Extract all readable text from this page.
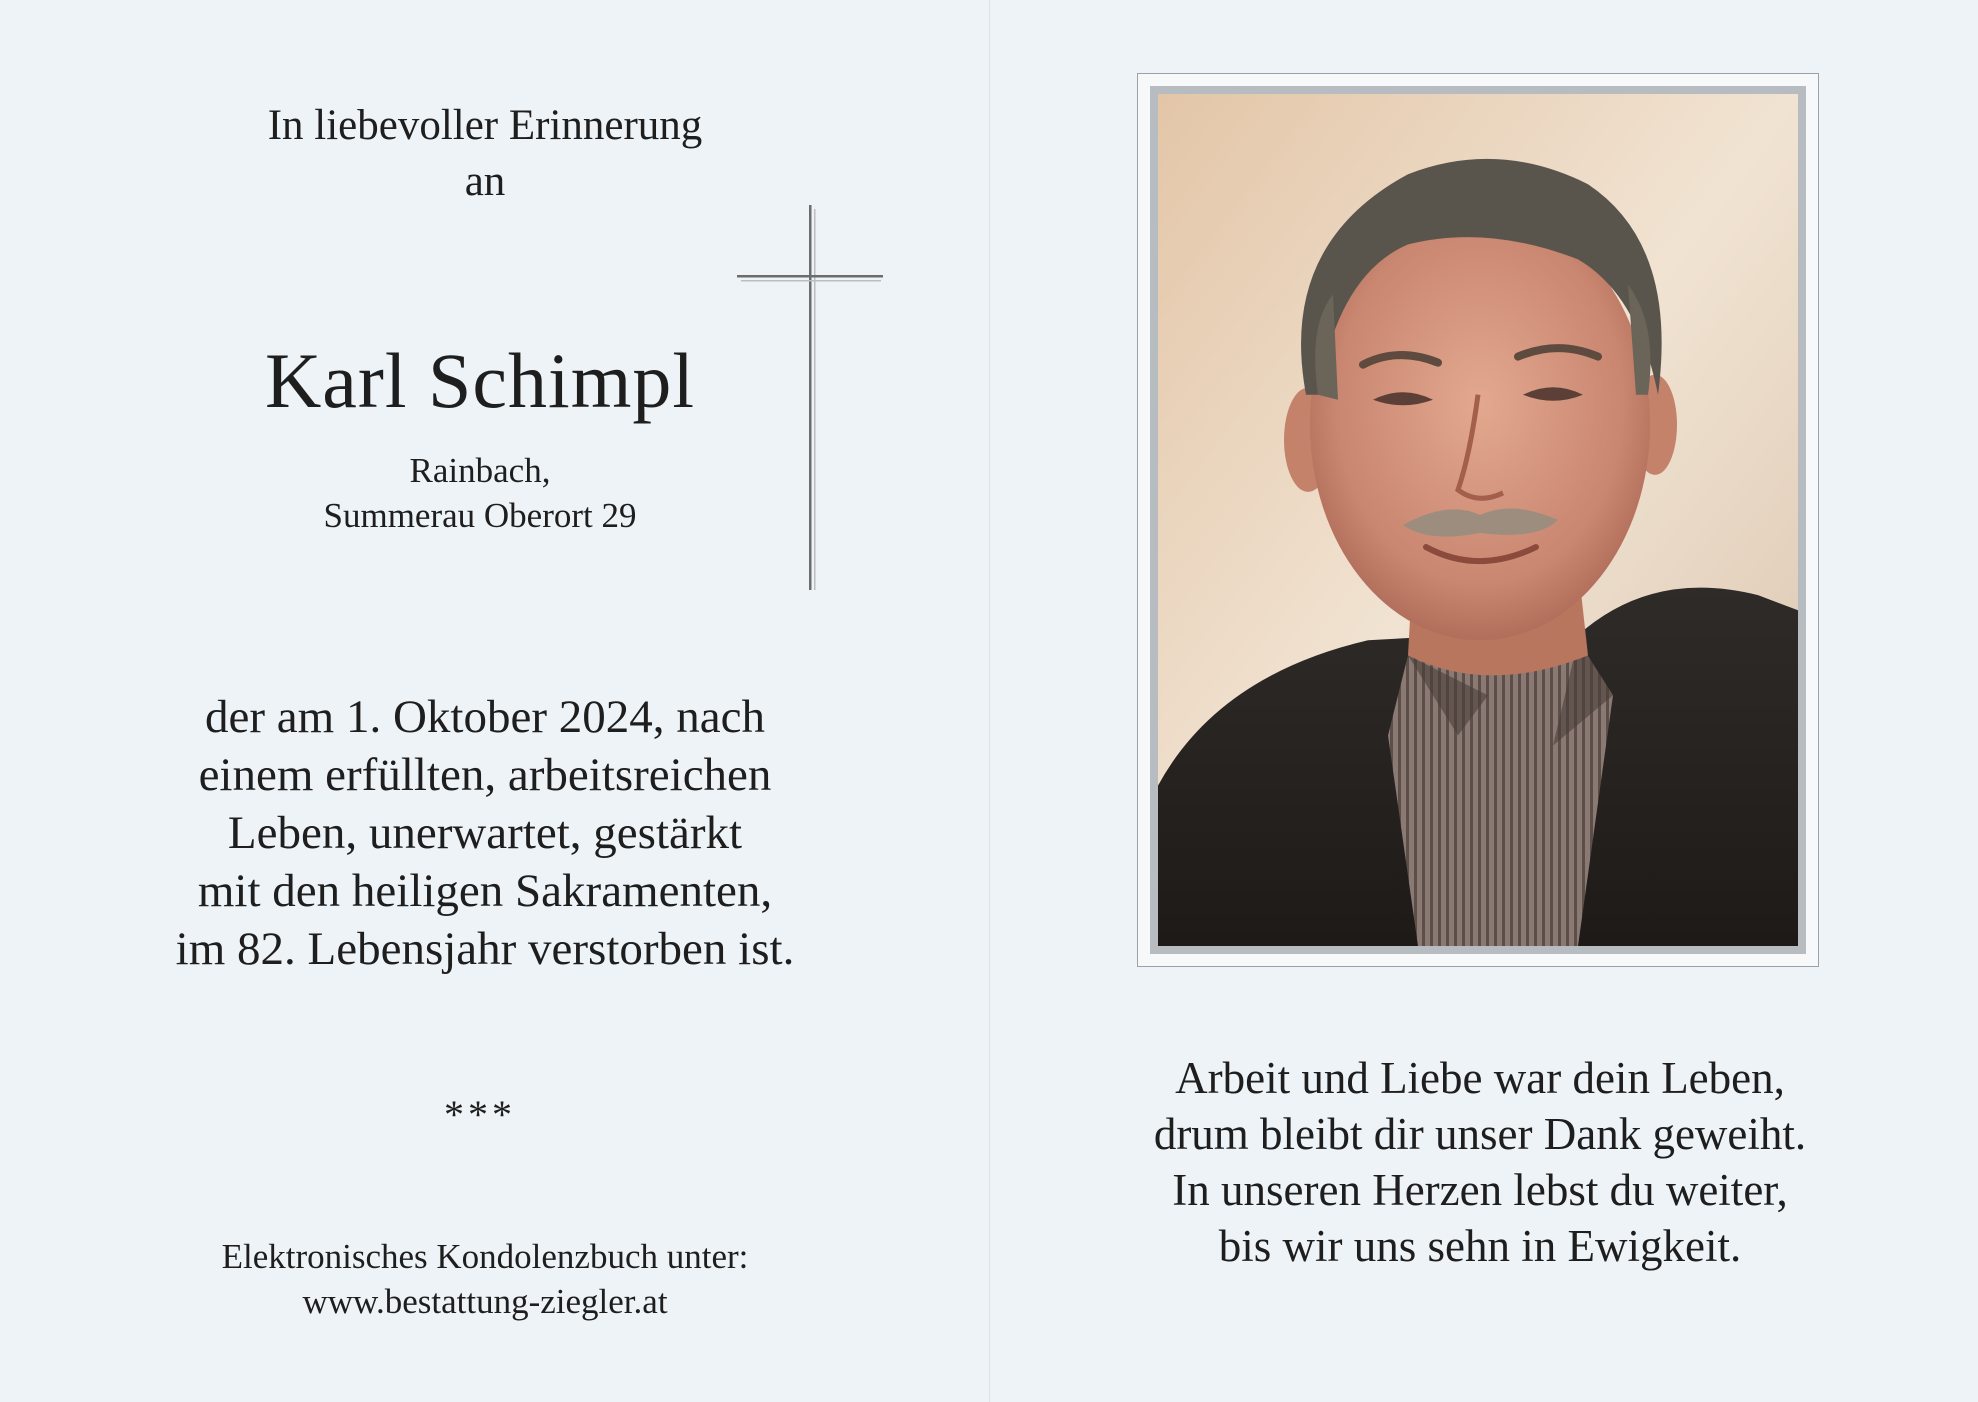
In liebevoller Erinnerung
an
Karl Schimpl
Rainbach,
Summerau Oberort 29
der am 1. Oktober 2024, nach
einem erfüllten, arbeitsreichen
Leben, unerwartet, gestärkt
mit den heiligen Sakramenten,
im 82. Lebensjahr verstorben ist.
***
Elektronisches Kondolenzbuch unter:
www.bestattung-ziegler.at
Arbeit und Liebe war dein Leben,
drum bleibt dir unser Dank geweiht.
In unseren Herzen lebst du weiter,
bis wir uns sehn in Ewigkeit.
